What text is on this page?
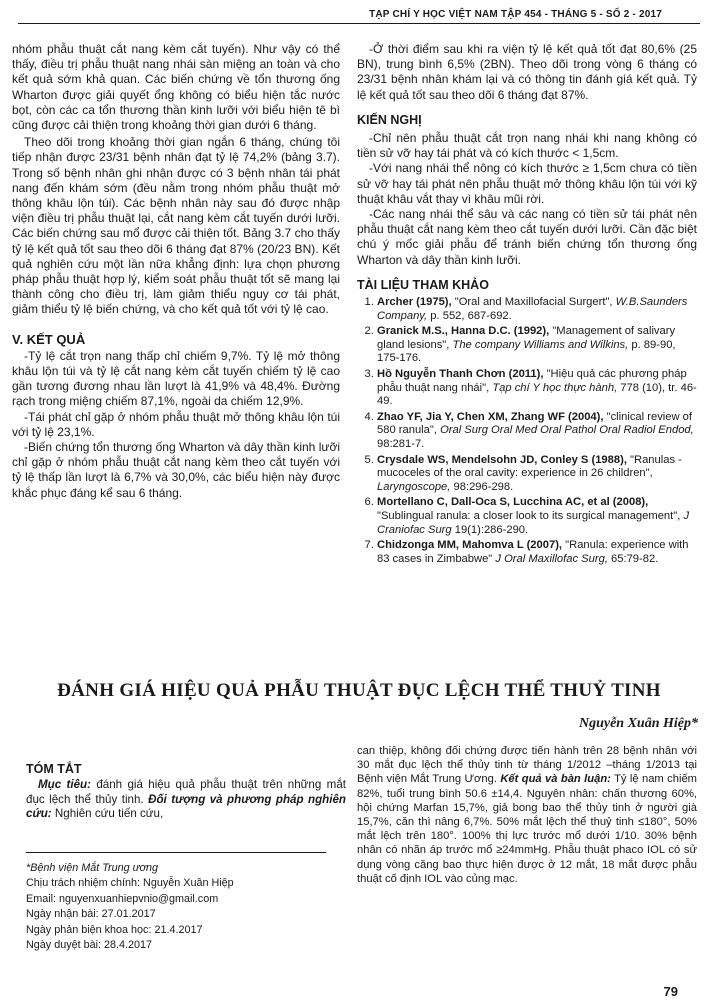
TẠP CHÍ Y HỌC VIỆT NAM TẬP 454 - THÁNG 5 - SỐ 2 - 2017

nhóm phẫu thuật cắt nang kèm cắt tuyến). Như vậy có thể thấy, điều trị phẫu thuật nang nhái sàn miệng an toàn và cho kết quả sớm khả quan. Các biến chứng về tổn thương ống Wharton được giải quyết ổng không có biểu hiện tắc nước bọt, còn các ca tổn thương thần kinh lưỡi với biểu hiện tê bì cũng được cải thiện trong khoảng thời gian dưới 6 tháng.

Theo dõi trong khoảng thời gian ngắn 6 tháng, chúng tôi tiếp nhận được 23/31 bệnh nhân đạt tỷ lệ 74,2% (bảng 3.7). Trong số bệnh nhân ghi nhận được có 3 bệnh nhân tái phát nang đến khám sớm (đều nằm trong nhóm phẫu thuật mở thông khâu lộn túi). Các bệnh nhân này sau đó được nhập viện điều trị phẫu thuật lại, cắt nang kèm cắt tuyến dưới lưỡi. Các biến chứng sau mổ được cải thiện tốt. Bảng 3.7 cho thấy tỷ lệ kết quả tốt sau theo dõi 6 tháng đạt 87% (20/23 BN). Kết quả nghiên cứu một lần nữa khẳng định: lựa chọn phương pháp phẫu thuật hợp lý, kiểm soát phẫu thuật tốt sẽ mang lại thành công cho điều trị, làm giảm thiểu nguy cơ tái phát, giảm thiểu tỷ lệ biến chứng, và cho kết quả tốt với tỷ lệ cao.

V. KẾT QUẢ

-Tỷ lệ cắt trọn nang thấp chỉ chiếm 9,7%. Tỷ lệ mở thông khâu lộn túi và tỷ lệ cắt nang kèm cắt tuyến chiếm tỷ lệ cao gần tương đương nhau lần lượt là 41,9% và 48,4%. Đường rạch trong miệng chiếm 87,1%, ngoài da chiếm 12,9%.

-Tái phát chỉ gặp ở nhóm phẫu thuật mở thông khâu lộn túi với tỷ lệ 23,1%.

-Biến chứng tổn thương ống Wharton và dây thần kinh lưỡi chỉ gặp ở nhóm phẫu thuật cắt nang kèm theo cắt tuyến với tỷ lệ thấp lần lượt là 6,7% và 30,0%, các biểu hiện này được khắc phục đáng kể sau 6 tháng.

-Ở thời điểm sau khi ra viện tỷ lệ kết quả tốt đạt 80,6% (25 BN), trung bình 6,5% (2BN). Theo dõi trong vòng 6 tháng có 23/31 bệnh nhân khám lại và có thông tin đánh giá kết quả. Tỷ lệ kết quả tốt sau theo dõi 6 tháng đạt 87%.

KIẾN NGHỊ

-Chỉ nên phẫu thuật cắt trọn nang nhái khi nang không có tiền sử vỡ hay tái phát và có kích thước < 1,5cm.

-Với nang nhái thể nông có kích thước ≥ 1,5cm chưa có tiền sử vỡ hay tái phát nên phẫu thuật mở thông khâu lộn túi với kỹ thuật khâu vắt thay vì khâu mũi rời.

-Các nang nhái thể sâu và các nang có tiền sử tái phát nên phẫu thuật cắt nang kèm theo cắt tuyến dưới lưỡi. Cần đặc biệt chú ý mốc giải phẫu để tránh biến chứng tổn thương ống Wharton và dây thần kinh lưỡi.

TÀI LIỆU THAM KHẢO
1. Archer (1975), "Oral and Maxillofacial Surgert", W.B.Saunders Company, p. 552, 687-692.
2. Granick M.S., Hanna D.C. (1992), "Management of salivary gland lesions", The company Williams and Wilkins, p. 89-90, 175-176.
3. Hồ Nguyễn Thanh Chơn (2011), "Hiệu quả các phương pháp phẫu thuật nang nhái", Tạp chí Y học thực hành, 778 (10), tr. 46-49.
4. Zhao YF, Jia Y, Chen XM, Zhang WF (2004), "clinical review of 580 ranula", Oral Surg Oral Med Oral Pathol Oral Radiol Endod, 98:281-7.
5. Crysdale WS, Mendelsohn JD, Conley S (1988), "Ranulas - mucoceles of the oral cavity: experience in 26 children", Laryngoscope, 98:296-298.
6. Mortellano C, Dall-Oca S, Lucchina AC, et al (2008), "Sublingual ranula: a closer look to its surgical management", J Craniofac Surg 19(1):286-290.
7. Chidzonga MM, Mahomva L (2007), "Ranula: experience with 83 cases in Zimbabwe" J Oral Maxillofac Surg, 65:79-82.
ĐÁNH GIÁ HIỆU QUẢ PHẪU THUẬT ĐỤC LỆCH THỂ THUỶ TINH
Nguyễn Xuân Hiệp*
TÓM TẮT

Mục tiêu: đánh giá hiệu quả phẫu thuật trên những mắt đục lệch thể thủy tinh. Đối tượng và phương pháp nghiên cứu: Nghiên cứu tiến cứu,

can thiệp, không đối chứng được tiến hành trên 28 bệnh nhân với 30 mắt đục lệch thể thủy tinh từ tháng 1/2012 –tháng 1/2013 tại Bệnh viện Mắt Trung Ương. Kết quả và bàn luận: Tỷ lệ nam chiếm 82%, tuổi trung bình 50.6 ±14,4. Nguyên nhân: chấn thương 60%, hội chứng Marfan 15,7%, giả bong bao thể thủy tinh ở người già 15,7%, căn thì nâng 6,7%. 50% mắt lệch thể thuỷ tinh ≤180°, 50% mắt lệch trên 180°. 100% thị lực trước mổ dưới 1/10. 30% bệnh nhân có nhãn áp trước mổ ≥24mmHg. Phẫu thuật phaco IOL có sử dụng vòng căng bao thực hiện được ở 12 mắt, 18 mắt được phẫu thuật cố định IOL vào củng mạc.

*Bệnh viện Mắt Trung ương
Chịu trách nhiệm chính: Nguyễn Xuân Hiệp
Email: nguyenxuanhiepvnio@gmail.com
Ngày nhận bài: 27.01.2017
Ngày phản biện khoa học: 21.4.2017
Ngày duyệt bài: 28.4.2017
79
